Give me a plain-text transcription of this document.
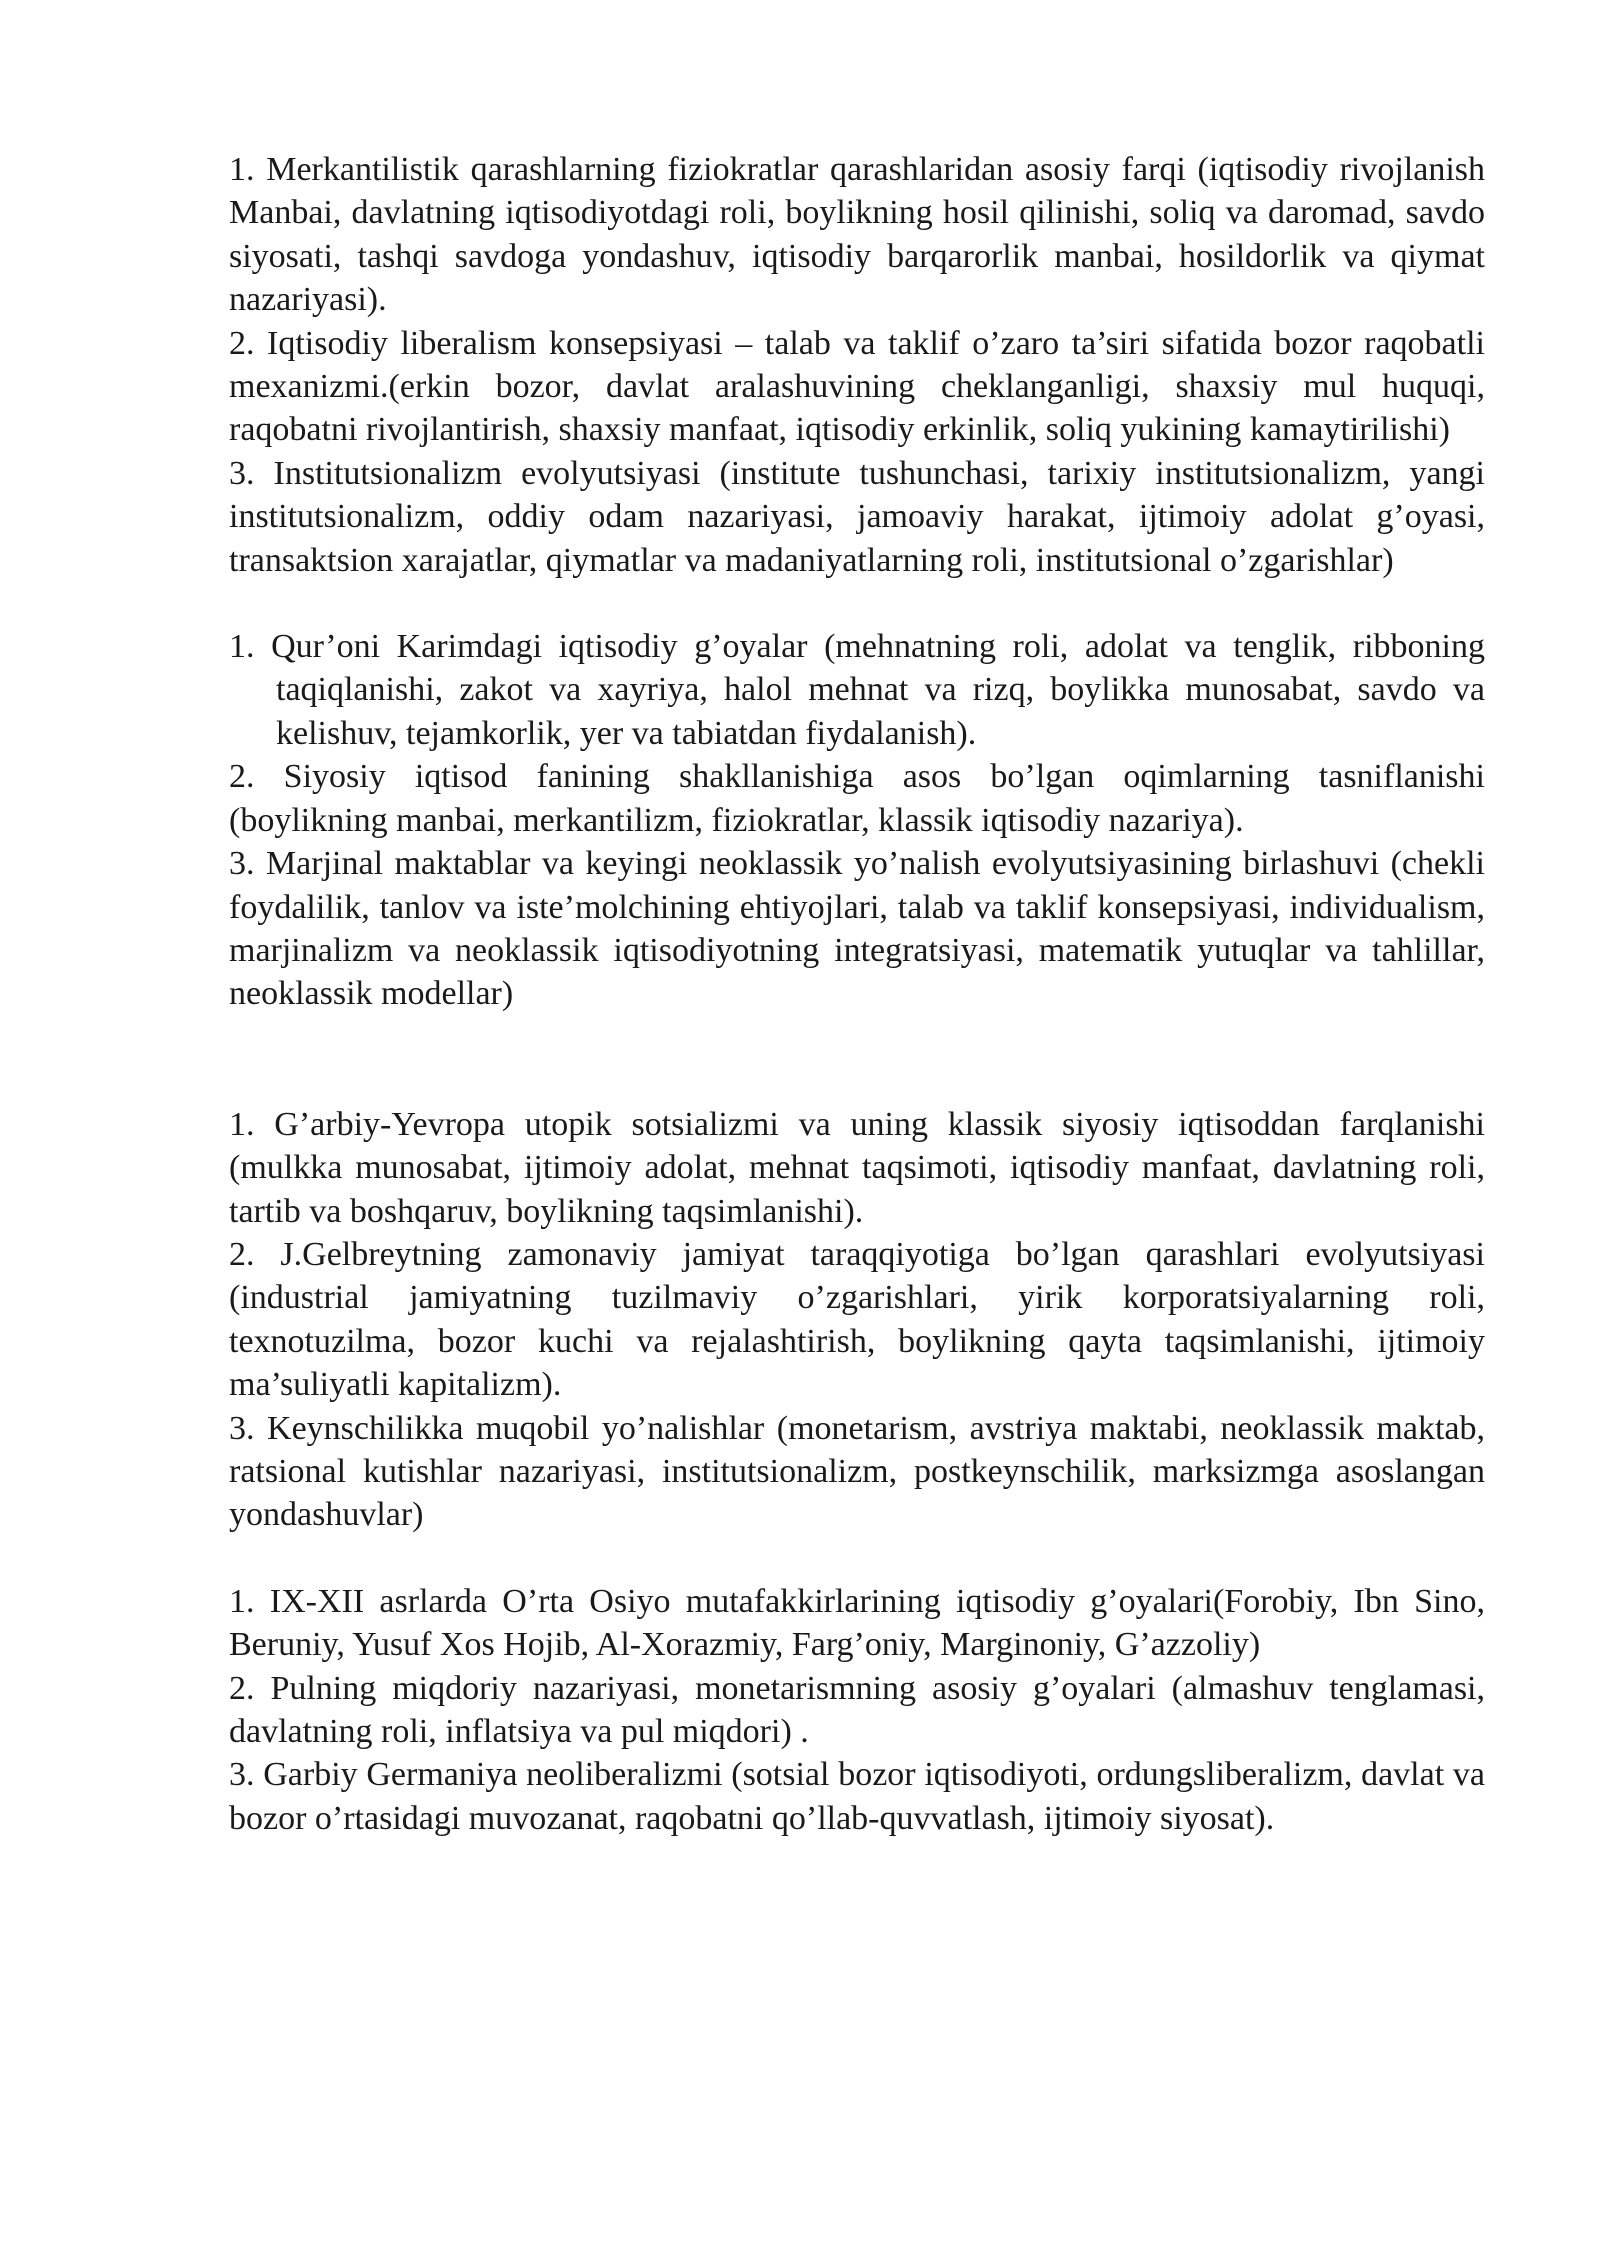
1. Merkantilistik qarashlarning fiziokratlar qarashlaridan asosiy farqi (iqtisodiy rivojlanish Manbai, davlatning iqtisodiyotdagi roli, boylikning hosil qilinishi, soliq va daromad, savdo siyosati, tashqi savdoga yondashuv, iqtisodiy barqarorlik manbai, hosildorlik va qiymat nazariyasi).

2. Iqtisodiy liberalism konsepsiyasi – talab va taklif o’zaro ta’siri sifatida bozor raqobatli mexanizmi.(erkin bozor, davlat aralashuvining cheklanganligi, shaxsiy mul huquqi, raqobatni rivojlantirish, shaxsiy manfaat, iqtisodiy erkinlik, soliq yukining kamaytirilishi)

3. Institutsionalizm evolyutsiyasi (institute tushunchasi, tarixiy institutsionalizm, yangi institutsionalizm, oddiy odam nazariyasi, jamoaviy harakat, ijtimoiy adolat g’oyasi, transaktsion xarajatlar, qiymatlar va madaniyatlarning roli, institutsional o’zgarishlar)

1. Qur’oni Karimdagi iqtisodiy g’oyalar (mehnatning roli, adolat va tenglik, ribboning taqiqlanishi, zakot va xayriya, halol mehnat va rizq, boylikka munosabat, savdo va kelishuv, tejamkorlik, yer va tabiatdan fiydalanish).

2. Siyosiy iqtisod fanining shakllanishiga asos bo’lgan oqimlarning tasniflanishi (boylikning manbai, merkantilizm, fiziokratlar, klassik iqtisodiy nazariya).

3. Marjinal maktablar va keyingi neoklassik yo’nalish evolyutsiyasining birlashuvi (chekli foydalilik, tanlov va iste’molchining ehtiyojlari, talab va taklif konsepsiyasi, individualism, marjinalizm va neoklassik iqtisodiyotning integratsiyasi, matematik yutuqlar va tahlillar, neoklassik modellar)

1. G’arbiy-Yevropa utopik sotsializmi va uning klassik siyosiy iqtisoddan farqlanishi (mulkka munosabat, ijtimoiy adolat, mehnat taqsimoti, iqtisodiy manfaat, davlatning roli, tartib va boshqaruv, boylikning taqsimlanishi).

2. J.Gelbreytning zamonaviy jamiyat taraqqiyotiga bo’lgan qarashlari evolyutsiyasi (industrial jamiyatning tuzilmaviy o’zgarishlari, yirik korporatsiyalarning roli, texnotuzilma, bozor kuchi va rejalashtirish, boylikning qayta taqsimlanishi, ijtimoiy ma’suliyatli kapitalizm).

3. Keynschilikka muqobil yo’nalishlar (monetarism, avstriya maktabi, neoklassik maktab, ratsional kutishlar nazariyasi, institutsionalizm, postkeynschilik, marksizmga asoslangan yondashuvlar)

1. IX-XII asrlarda O’rta Osiyo mutafakkirlarining iqtisodiy g’oyalari(Forobiy, Ibn Sino, Beruniy, Yusuf Xos Hojib, Al-Xorazmiy, Farg’oniy, Marginoniy, G’azzoliy)

2. Pulning miqdoriy nazariyasi, monetarismning asosiy g’oyalari (almashuv tenglamasi, davlatning roli, inflatsiya va pul miqdori) .

3. Garbiy Germaniya neoliberalizmi (sotsial bozor iqtisodiyoti, ordungsliberalizm, davlat va bozor o’rtasidagi muvozanat, raqobatni qo’llab-quvvatlash, ijtimoiy siyosat).
